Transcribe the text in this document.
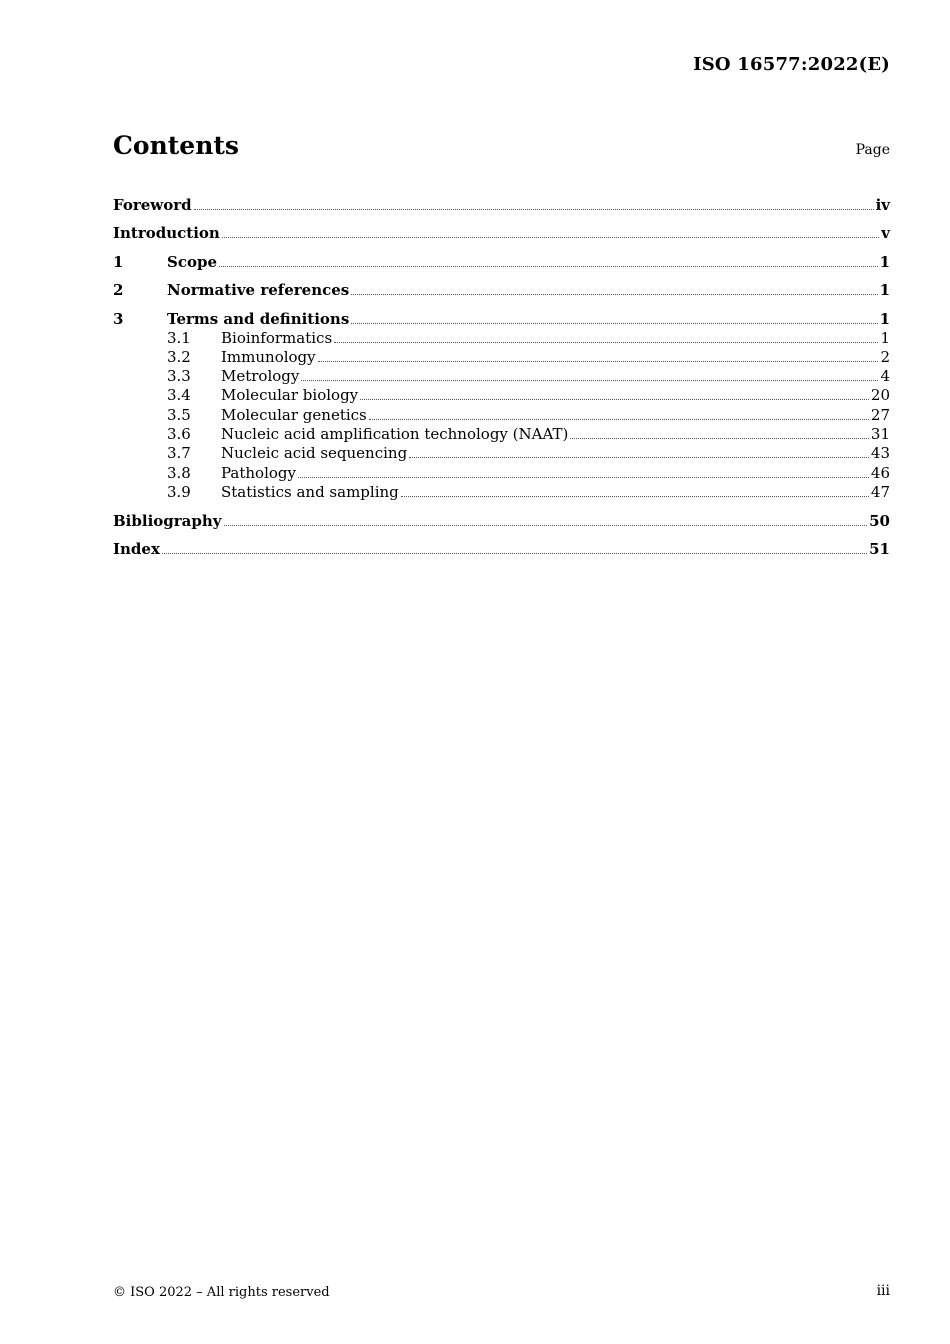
ISO 16577:2022(E)
Contents	Page
Foreword	iv
Introduction	v
1	Scope	1
2	Normative references	1
3	Terms and definitions	1
3.1	Bioinformatics	1
3.2	Immunology	2
3.3	Metrology	4
3.4	Molecular biology	20
3.5	Molecular genetics	27
3.6	Nucleic acid amplification technology (NAAT)	31
3.7	Nucleic acid sequencing	43
3.8	Pathology	46
3.9	Statistics and sampling	47
Bibliography	50
Index	51
© ISO 2022 – All rights reserved	iii
